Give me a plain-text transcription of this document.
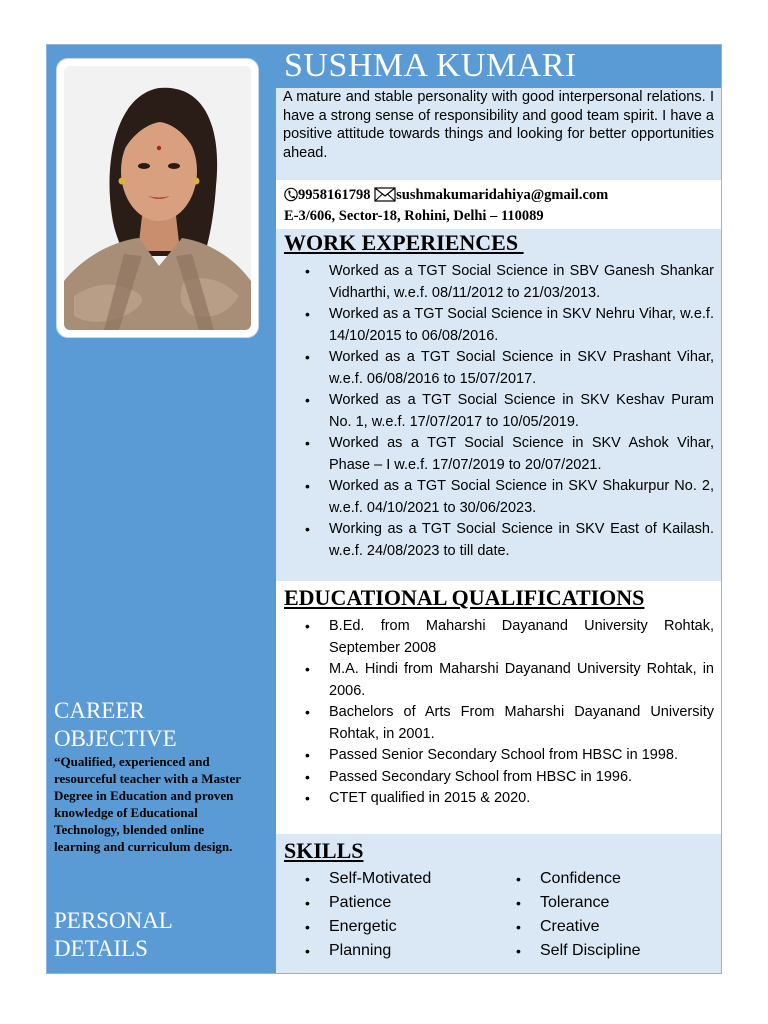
CAREER
OBJECTIVE

“Qualified, experienced and resourceful teacher with a Master Degree in Education and proven knowledge of Educational Technology, blended online learning and curriculum design.

PERSONAL
DETAILS
SUSHMA KUMARI

A mature and stable personality with good interpersonal relations. I have a strong sense of responsibility and good team spirit. I have a positive attitude towards things and looking for better opportunities ahead.

9958161798 sushmakumaridahiya@gmail.com
E-3/606, Sector-18, Rohini, Delhi – 110089
WORK EXPERIENCES
• Worked as a TGT Social Science in SBV Ganesh Shankar Vidharthi, w.e.f. 08/11/2012 to 21/03/2013.
• Worked as a TGT Social Science in SKV Nehru Vihar, w.e.f. 14/10/2015 to 06/08/2016.
• Worked as a TGT Social Science in SKV Prashant Vihar, w.e.f. 06/08/2016 to 15/07/2017.
• Worked as a TGT Social Science in SKV Keshav Puram No. 1, w.e.f. 17/07/2017 to 10/05/2019.
• Worked as a TGT Social Science in SKV Ashok Vihar, Phase – I w.e.f. 17/07/2019 to 20/07/2021.
• Worked as a TGT Social Science in SKV Shakurpur No. 2, w.e.f. 04/10/2021 to 30/06/2023.
• Working as a TGT Social Science in SKV East of Kailash. w.e.f. 24/08/2023 to till date.
EDUCATIONAL QUALIFICATIONS
• B.Ed. from Maharshi Dayanand University Rohtak, September 2008
• M.A. Hindi from Maharshi Dayanand University Rohtak, in 2006.
• Bachelors of Arts From Maharshi Dayanand University Rohtak, in 2001.
• Passed Senior Secondary School from HBSC in 1998.
• Passed Secondary School from HBSC in 1996.
• CTET qualified in 2015 & 2020.
SKILLS
• Self-Motivated
• Patience
• Energetic
• Planning
• Confidence
• Tolerance
• Creative
• Self Discipline
